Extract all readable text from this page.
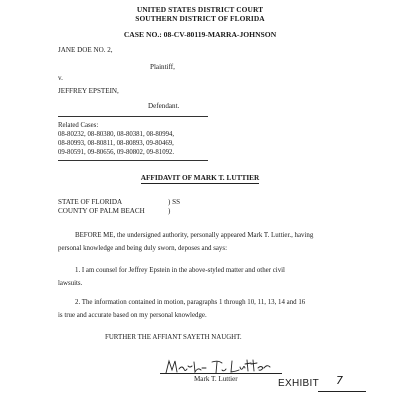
UNITED STATES DISTRICT COURT
SOUTHERN DISTRICT OF FLORIDA
CASE NO.: 08-CV-80119-MARRA-JOHNSON
JANE DOE NO. 2,
Plaintiff,
v.
JEFFREY EPSTEIN,
Defendant.
Related Cases:
08-80232, 08-80380, 08-80381, 08-80994,
08-80993, 08-80811, 08-80893, 09-80469,
09-80591, 09-80656, 09-80802, 09-81092.
AFFIDAVIT OF MARK T. LUTTIER
STATE OF FLORIDA	) SS
COUNTY OF PALM BEACH	)
BEFORE ME, the undersigned authority, personally appeared Mark T. Luttier., having
personal knowledge and being duly sworn, deposes and says:
1. I am counsel for Jeffrey Epstein in the above-styled matter and other civil
lawsuits.
2. The information contained in motion, paragraphs 1 through 10, 11, 13, 14 and 16
is true and accurate based on my personal knowledge.
FURTHER THE AFFIANT SAYETH NAUGHT.
Mark T. Luttier	EXHIBIT 7
